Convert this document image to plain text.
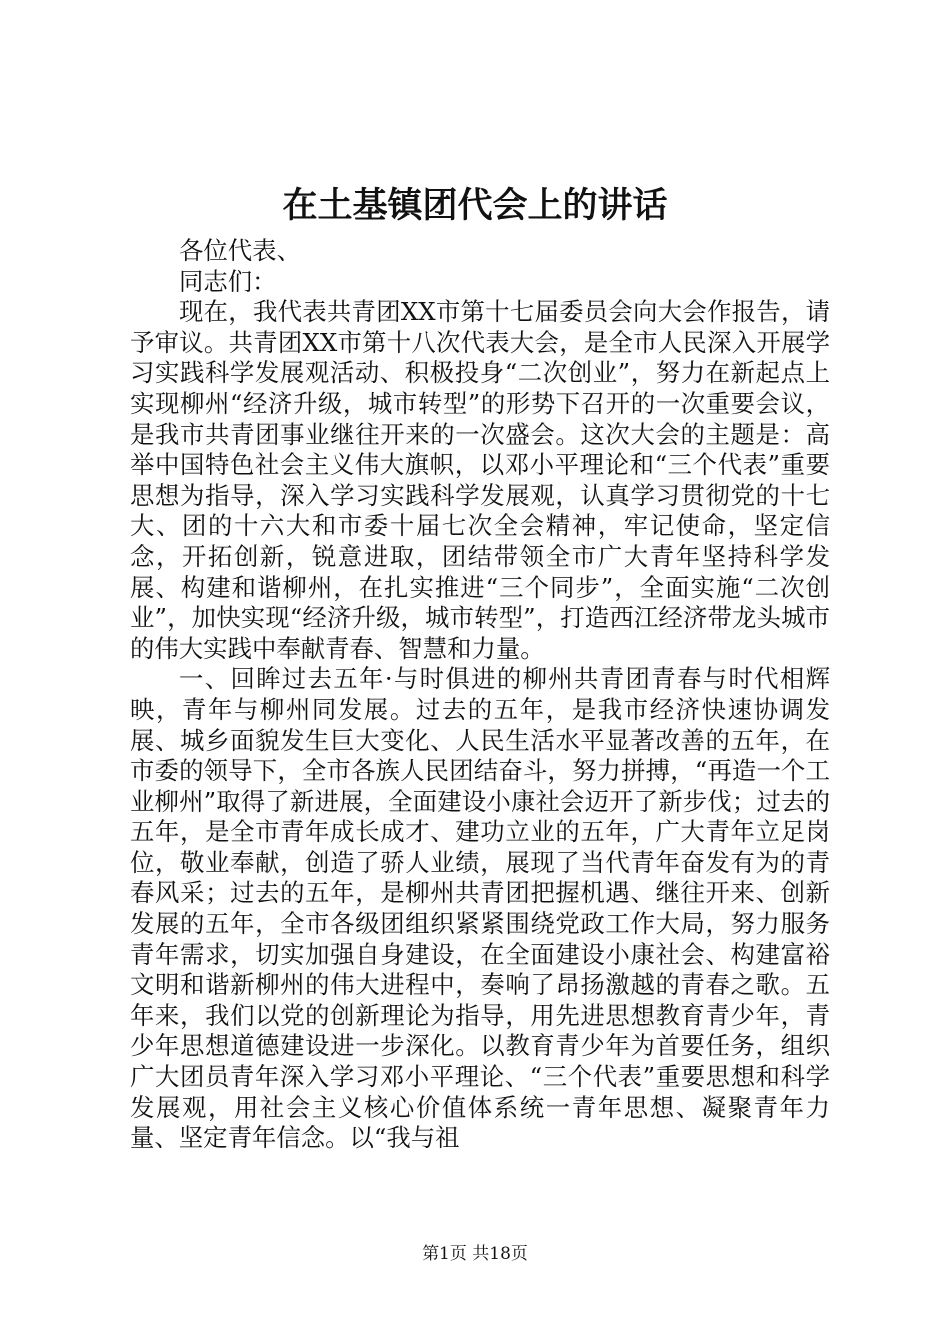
在土基镇团代会上的讲话

各位代表、

同志们：

现在，我代表共青团XX市第十七届委员会向大会作报告，请予审议。共青团XX市第十八次代表大会，是全市人民深入开展学习实践科学发展观活动、积极投身“二次创业”，努力在新起点上实现柳州“经济升级，城市转型”的形势下召开的一次重要会议，是我市共青团事业继往开来的一次盛会。这次大会的主题是：高举中国特色社会主义伟大旗帜，以邓小平理论和“三个代表”重要思想为指导，深入学习实践科学发展观，认真学习贯彻党的十七大、团的十六大和市委十届七次全会精神，牢记使命，坚定信念，开拓创新，锐意进取，团结带领全市广大青年坚持科学发展、构建和谐柳州，在扎实推进“三个同步”，全面实施“二次创业”，加快实现“经济升级，城市转型”，打造西江经济带龙头城市的伟大实践中奉献青春、智慧和力量。

一、回眸过去五年·与时俱进的柳州共青团青春与时代相辉映，青年与柳州同发展。过去的五年，是我市经济快速协调发展、城乡面貌发生巨大变化、人民生活水平显著改善的五年，在市委的领导下，全市各族人民团结奋斗，努力拼搏，“再造一个工业柳州”取得了新进展，全面建设小康社会迈开了新步伐；过去的五年，是全市青年成长成才、建功立业的五年，广大青年立足岗位，敬业奉献，创造了骄人业绩，展现了当代青年奋发有为的青春风采；过去的五年，是柳州共青团把握机遇、继往开来、创新发展的五年，全市各级团组织紧紧围绕党政工作大局，努力服务青年需求，切实加强自身建设，在全面建设小康社会、构建富裕文明和谐新柳州的伟大进程中，奏响了昂扬激越的青春之歌。五年来，我们以党的创新理论为指导，用先进思想教育青少年，青少年思想道德建设进一步深化。以教育青少年为首要任务，组织广大团员青年深入学习邓小平理论、“三个代表”重要思想和科学发展观，用社会主义核心价值体系统一青年思想、凝聚青年力量、坚定青年信念。以“我与祖

第1页 共18页
